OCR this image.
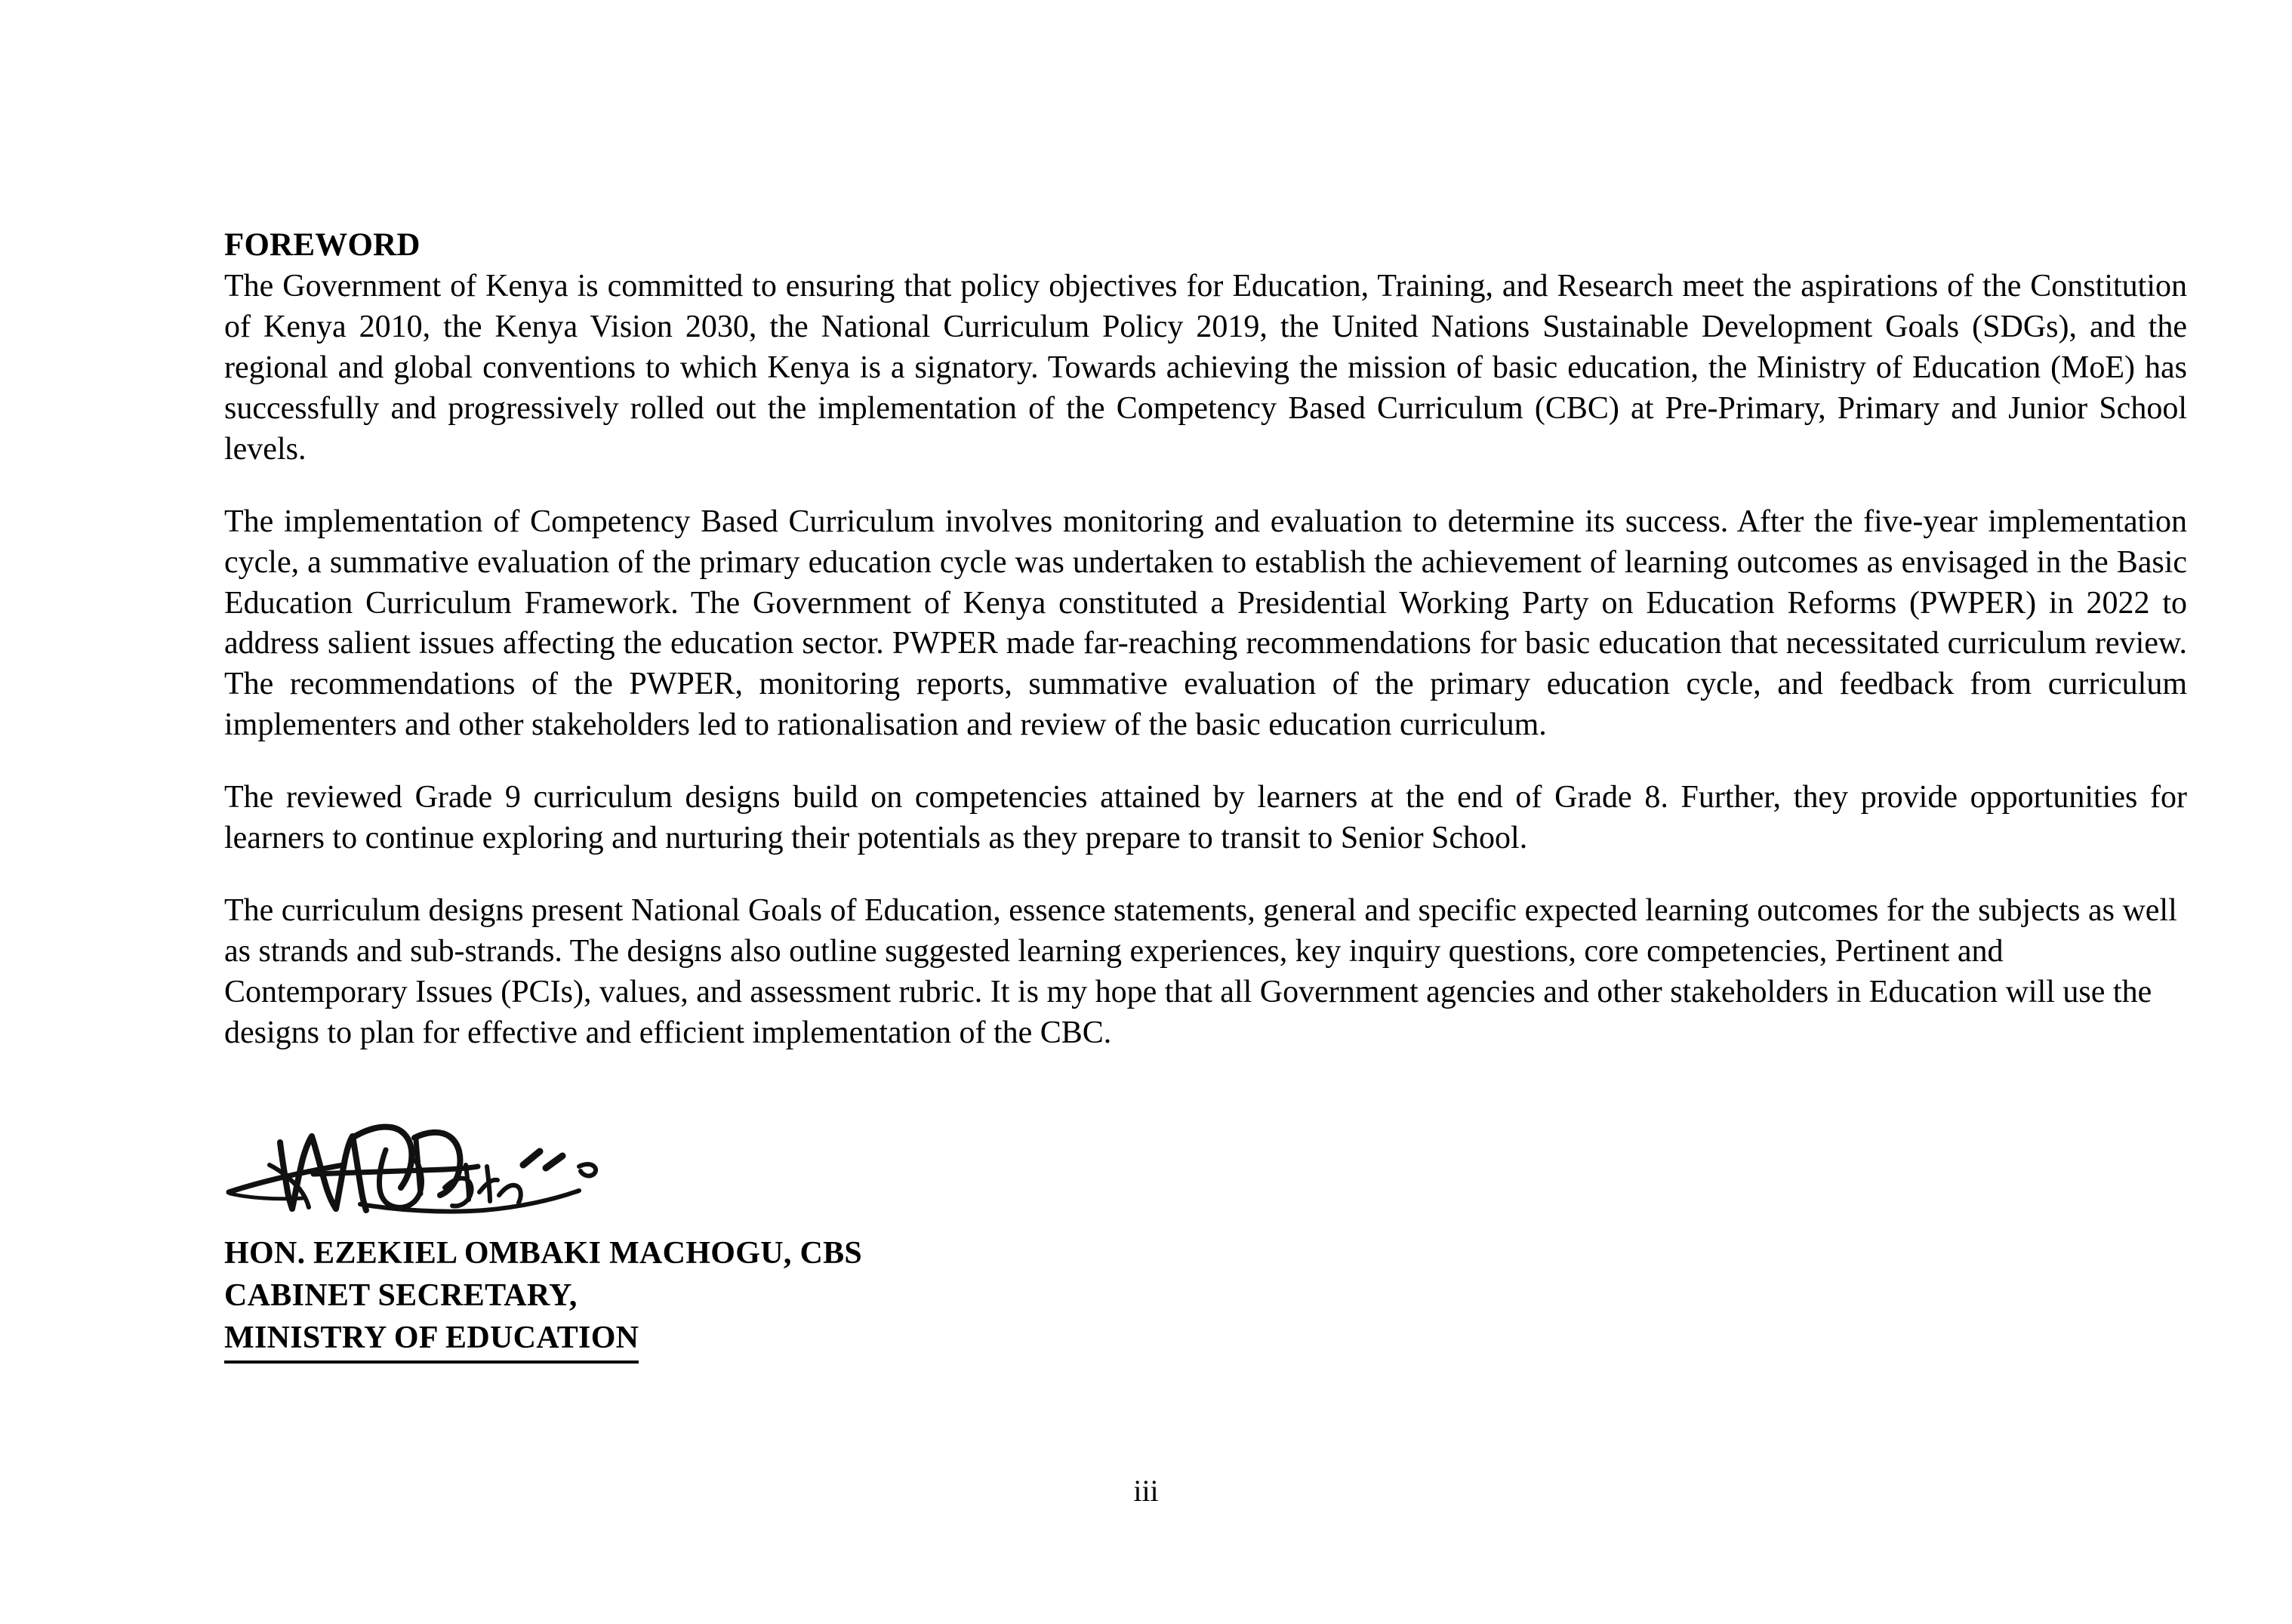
FOREWORD

The Government of Kenya is committed to ensuring that policy objectives for Education, Training, and Research meet the aspirations of the Constitution of Kenya 2010, the Kenya Vision 2030, the National Curriculum Policy 2019, the United Nations Sustainable Development Goals (SDGs), and the regional and global conventions to which Kenya is a signatory. Towards achieving the mission of basic education, the Ministry of Education (MoE) has successfully and progressively rolled out the implementation of the Competency Based Curriculum (CBC) at Pre-Primary, Primary and Junior School levels.

The implementation of Competency Based Curriculum involves monitoring and evaluation to determine its success. After the five-year implementation cycle, a summative evaluation of the primary education cycle was undertaken to establish the achievement of learning outcomes as envisaged in the Basic Education Curriculum Framework. The Government of Kenya constituted a Presidential Working Party on Education Reforms (PWPER) in 2022 to address salient issues affecting the education sector. PWPER made far-reaching recommendations for basic education that necessitated curriculum review. The recommendations of the PWPER, monitoring reports, summative evaluation of the primary education cycle, and feedback from curriculum implementers and other stakeholders led to rationalisation and review of the basic education curriculum.

The reviewed Grade 9 curriculum designs build on competencies attained by learners at the end of Grade 8. Further, they provide opportunities for learners to continue exploring and nurturing their potentials as they prepare to transit to Senior School.

The curriculum designs present National Goals of Education, essence statements, general and specific expected learning outcomes for the subjects as well as strands and sub-strands. The designs also outline suggested learning experiences, key inquiry questions, core competencies, Pertinent and Contemporary Issues (PCIs), values, and assessment rubric. It is my hope that all Government agencies and other stakeholders in Education will use the designs to plan for effective and efficient implementation of the CBC.

HON. EZEKIEL OMBAKI MACHOGU, CBS
CABINET SECRETARY,
MINISTRY OF EDUCATION
iii
